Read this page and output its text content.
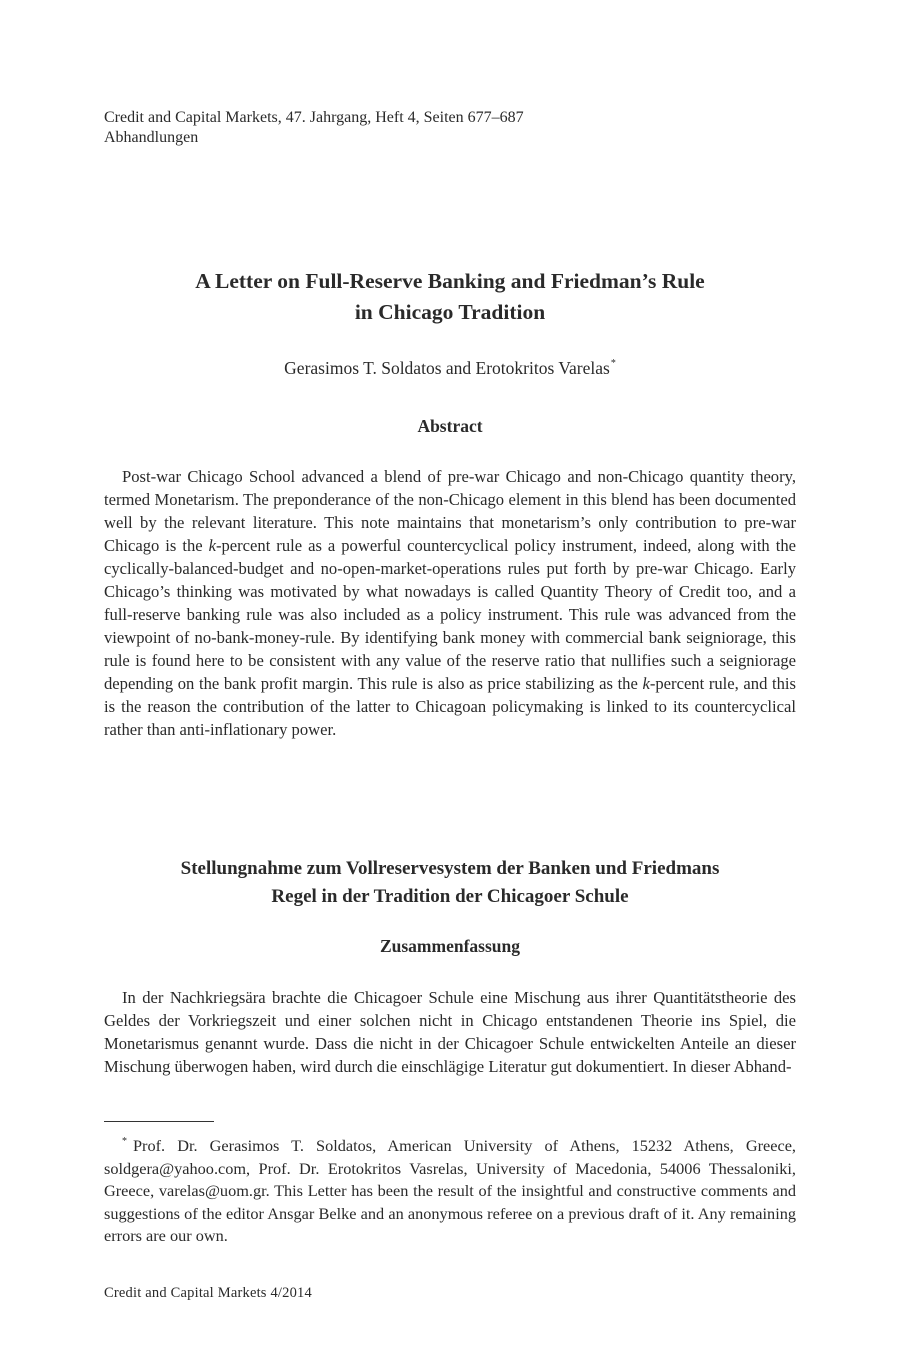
Credit and Capital Markets, 47. Jahrgang, Heft 4, Seiten 677–687
Abhandlungen
A Letter on Full-Reserve Banking and Friedman’s Rule
in Chicago Tradition
Gerasimos T. Soldatos and Erotokritos Varelas*
Abstract

Post-war Chicago School advanced a blend of pre-war Chicago and non-Chicago quantity theory, termed Monetarism. The preponderance of the non-Chicago element in this blend has been documented well by the relevant literature. This note maintains that monetarism’s only contribution to pre-war Chicago is the k-percent rule as a powerful countercyclical policy instrument, indeed, along with the cyclically-balanced-budget and no-open-market-operations rules put forth by pre-war Chicago. Early Chicago’s thinking was motivated by what nowadays is called Quantity Theory of Credit too, and a full-reserve banking rule was also included as a policy instrument. This rule was advanced from the viewpoint of no-bank-money-rule. By identifying bank money with commercial bank seigniorage, this rule is found here to be consistent with any value of the reserve ratio that nullifies such a seigniorage depending on the bank profit margin. This rule is also as price stabilizing as the k-percent rule, and this is the reason the contribution of the latter to Chicagoan policymaking is linked to its countercyclical rather than anti-inflationary power.

Stellungnahme zum Vollreservesystem der Banken und Friedmans
Regel in der Tradition der Chicagoer Schule
Zusammenfassung

In der Nachkriegsära brachte die Chicagoer Schule eine Mischung aus ihrer Quantitätstheorie des Geldes der Vorkriegszeit und einer solchen nicht in Chicago entstandenen Theorie ins Spiel, die Monetarismus genannt wurde. Dass die nicht in der Chicagoer Schule entwickelten Anteile an dieser Mischung überwogen haben, wird durch die einschlägige Literatur gut dokumentiert. In dieser Abhand-

* Prof. Dr. Gerasimos T. Soldatos, American University of Athens, 15232 Athens, Greece, soldgera@yahoo.com, Prof. Dr. Erotokritos Vasrelas, University of Macedonia, 54006 Thessaloniki, Greece, varelas@uom.gr. This Letter has been the result of the insightful and constructive comments and suggestions of the editor Ansgar Belke and an anonymous referee on a previous draft of it. Any remaining errors are our own.

Credit and Capital Markets 4/2014
